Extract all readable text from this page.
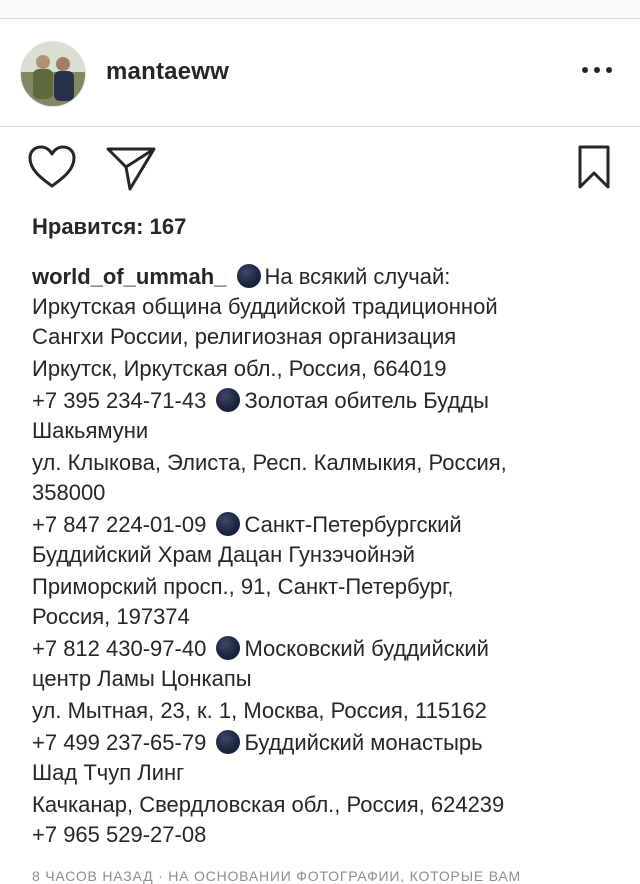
mantaeww
Нравится: 167
world_of_ummah_ На всякий случай:
Иркутская община буддийской традиционной
Сангхи России, религиозная организация
Иркутск, Иркутская обл., Россия, 664019
+7 395 234-71-43 Золотая обитель Будды
Шакьямуни
ул. Клыкова, Элиста, Респ. Калмыкия, Россия,
358000
+7 847 224-01-09 Санкт-Петербургский
Буддийский Храм Дацан Гунзэчойнэй
Приморский просп., 91, Санкт-Петербург,
Россия, 197374
+7 812 430-97-40 Московский буддийский
центр Ламы Цонкапы
ул. Мытная, 23, к. 1, Москва, Россия, 115162
+7 499 237-65-79 Буддийский монастырь
Шад Тчуп Линг
Качканар, Свердловская обл., Россия, 624239
+7 965 529-27-08
8 ЧАСОВ НАЗАД · НА ОСНОВАНИИ ФОТОГРАФИИ, КОТОРЫЕ ВАМ
